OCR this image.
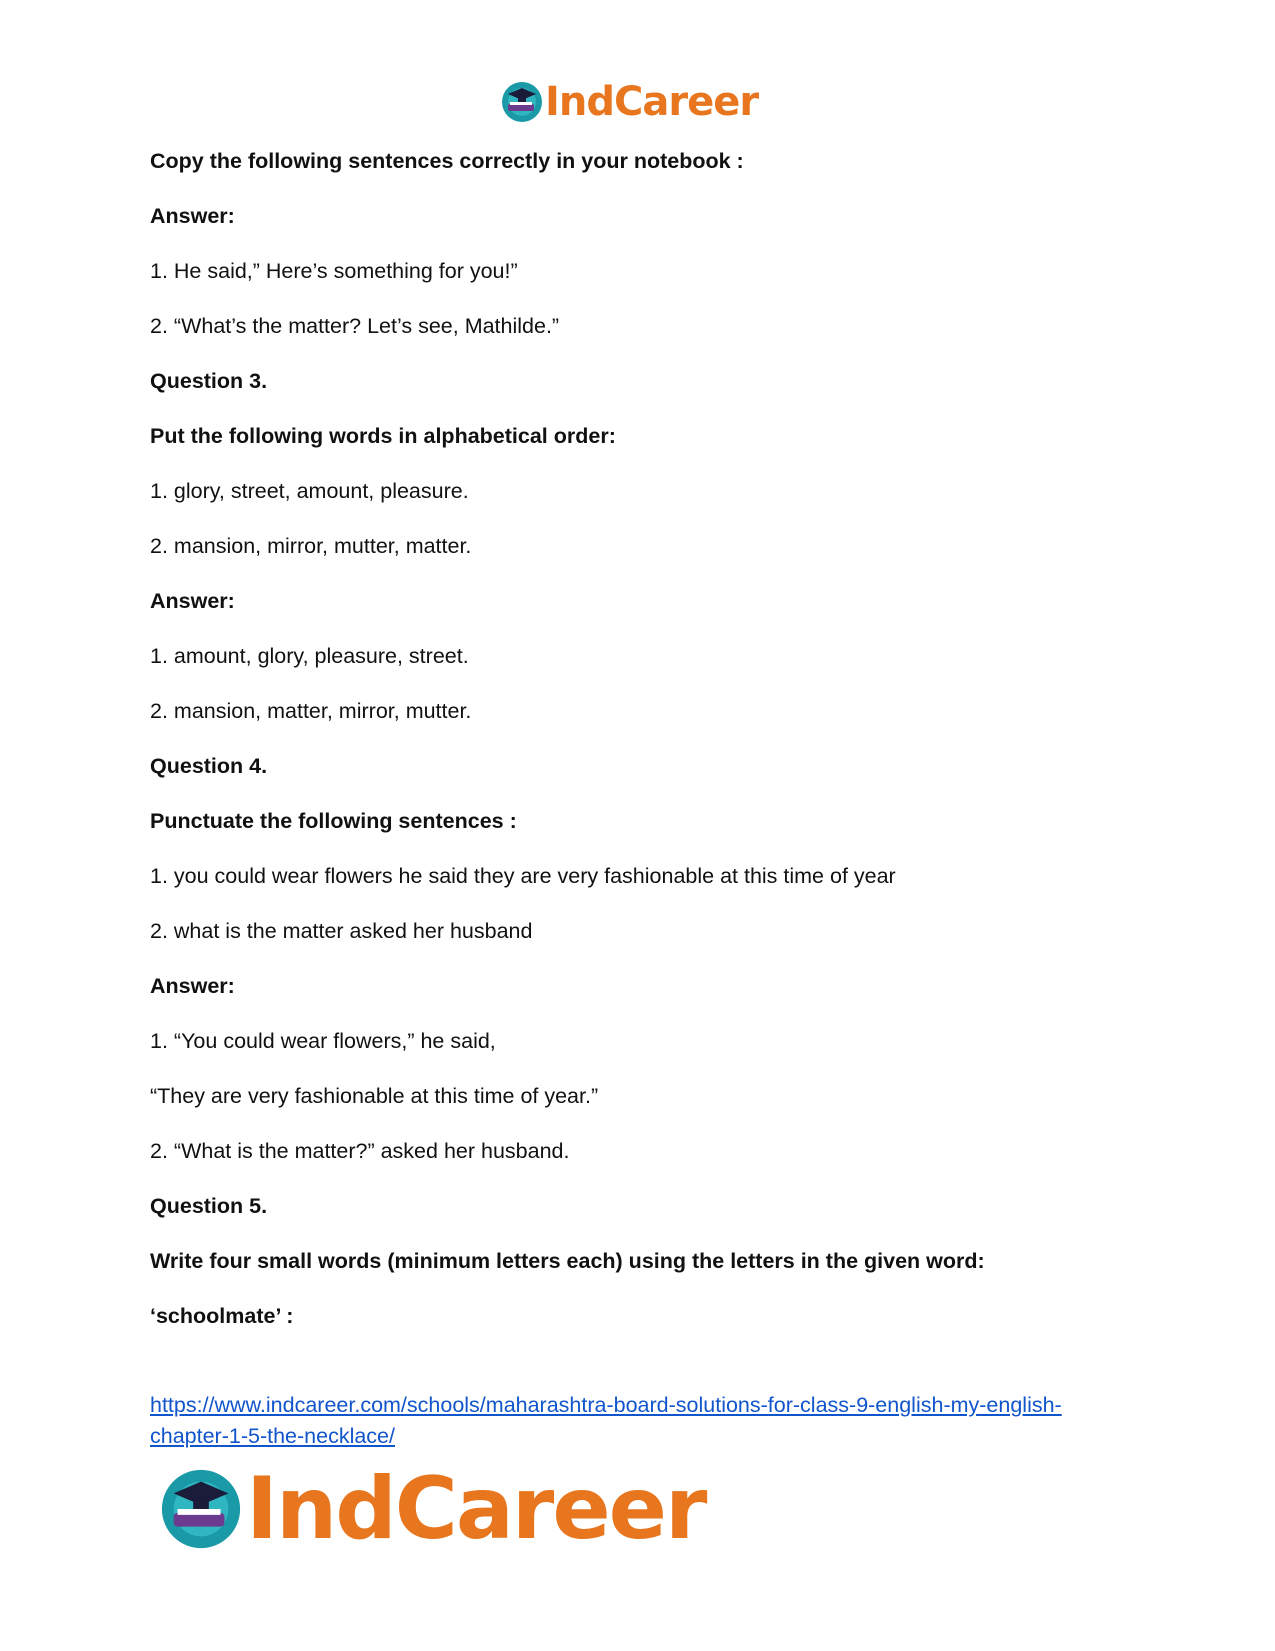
IndCareer

Copy the following sentences correctly in your notebook :

Answer:

1. He said,” Here’s something for you!”

2. “What’s the matter? Let’s see, Mathilde.”

Question 3.

Put the following words in alphabetical order:

1. glory, street, amount, pleasure.

2. mansion, mirror, mutter, matter.

Answer:

1. amount, glory, pleasure, street.

2. mansion, matter, mirror, mutter.

Question 4.

Punctuate the following sentences :

1. you could wear flowers he said they are very fashionable at this time of year

2. what is the matter asked her husband

Answer:

1. “You could wear flowers,” he said,

“They are very fashionable at this time of year.”

2. “What is the matter?” asked her husband.

Question 5.

Write four small words (minimum letters each) using the letters in the given word:

‘schoolmate’ :

https://www.indcareer.com/schools/maharashtra-board-solutions-for-class-9-english-my-english-chapter-1-5-the-necklace/
IndCareer
